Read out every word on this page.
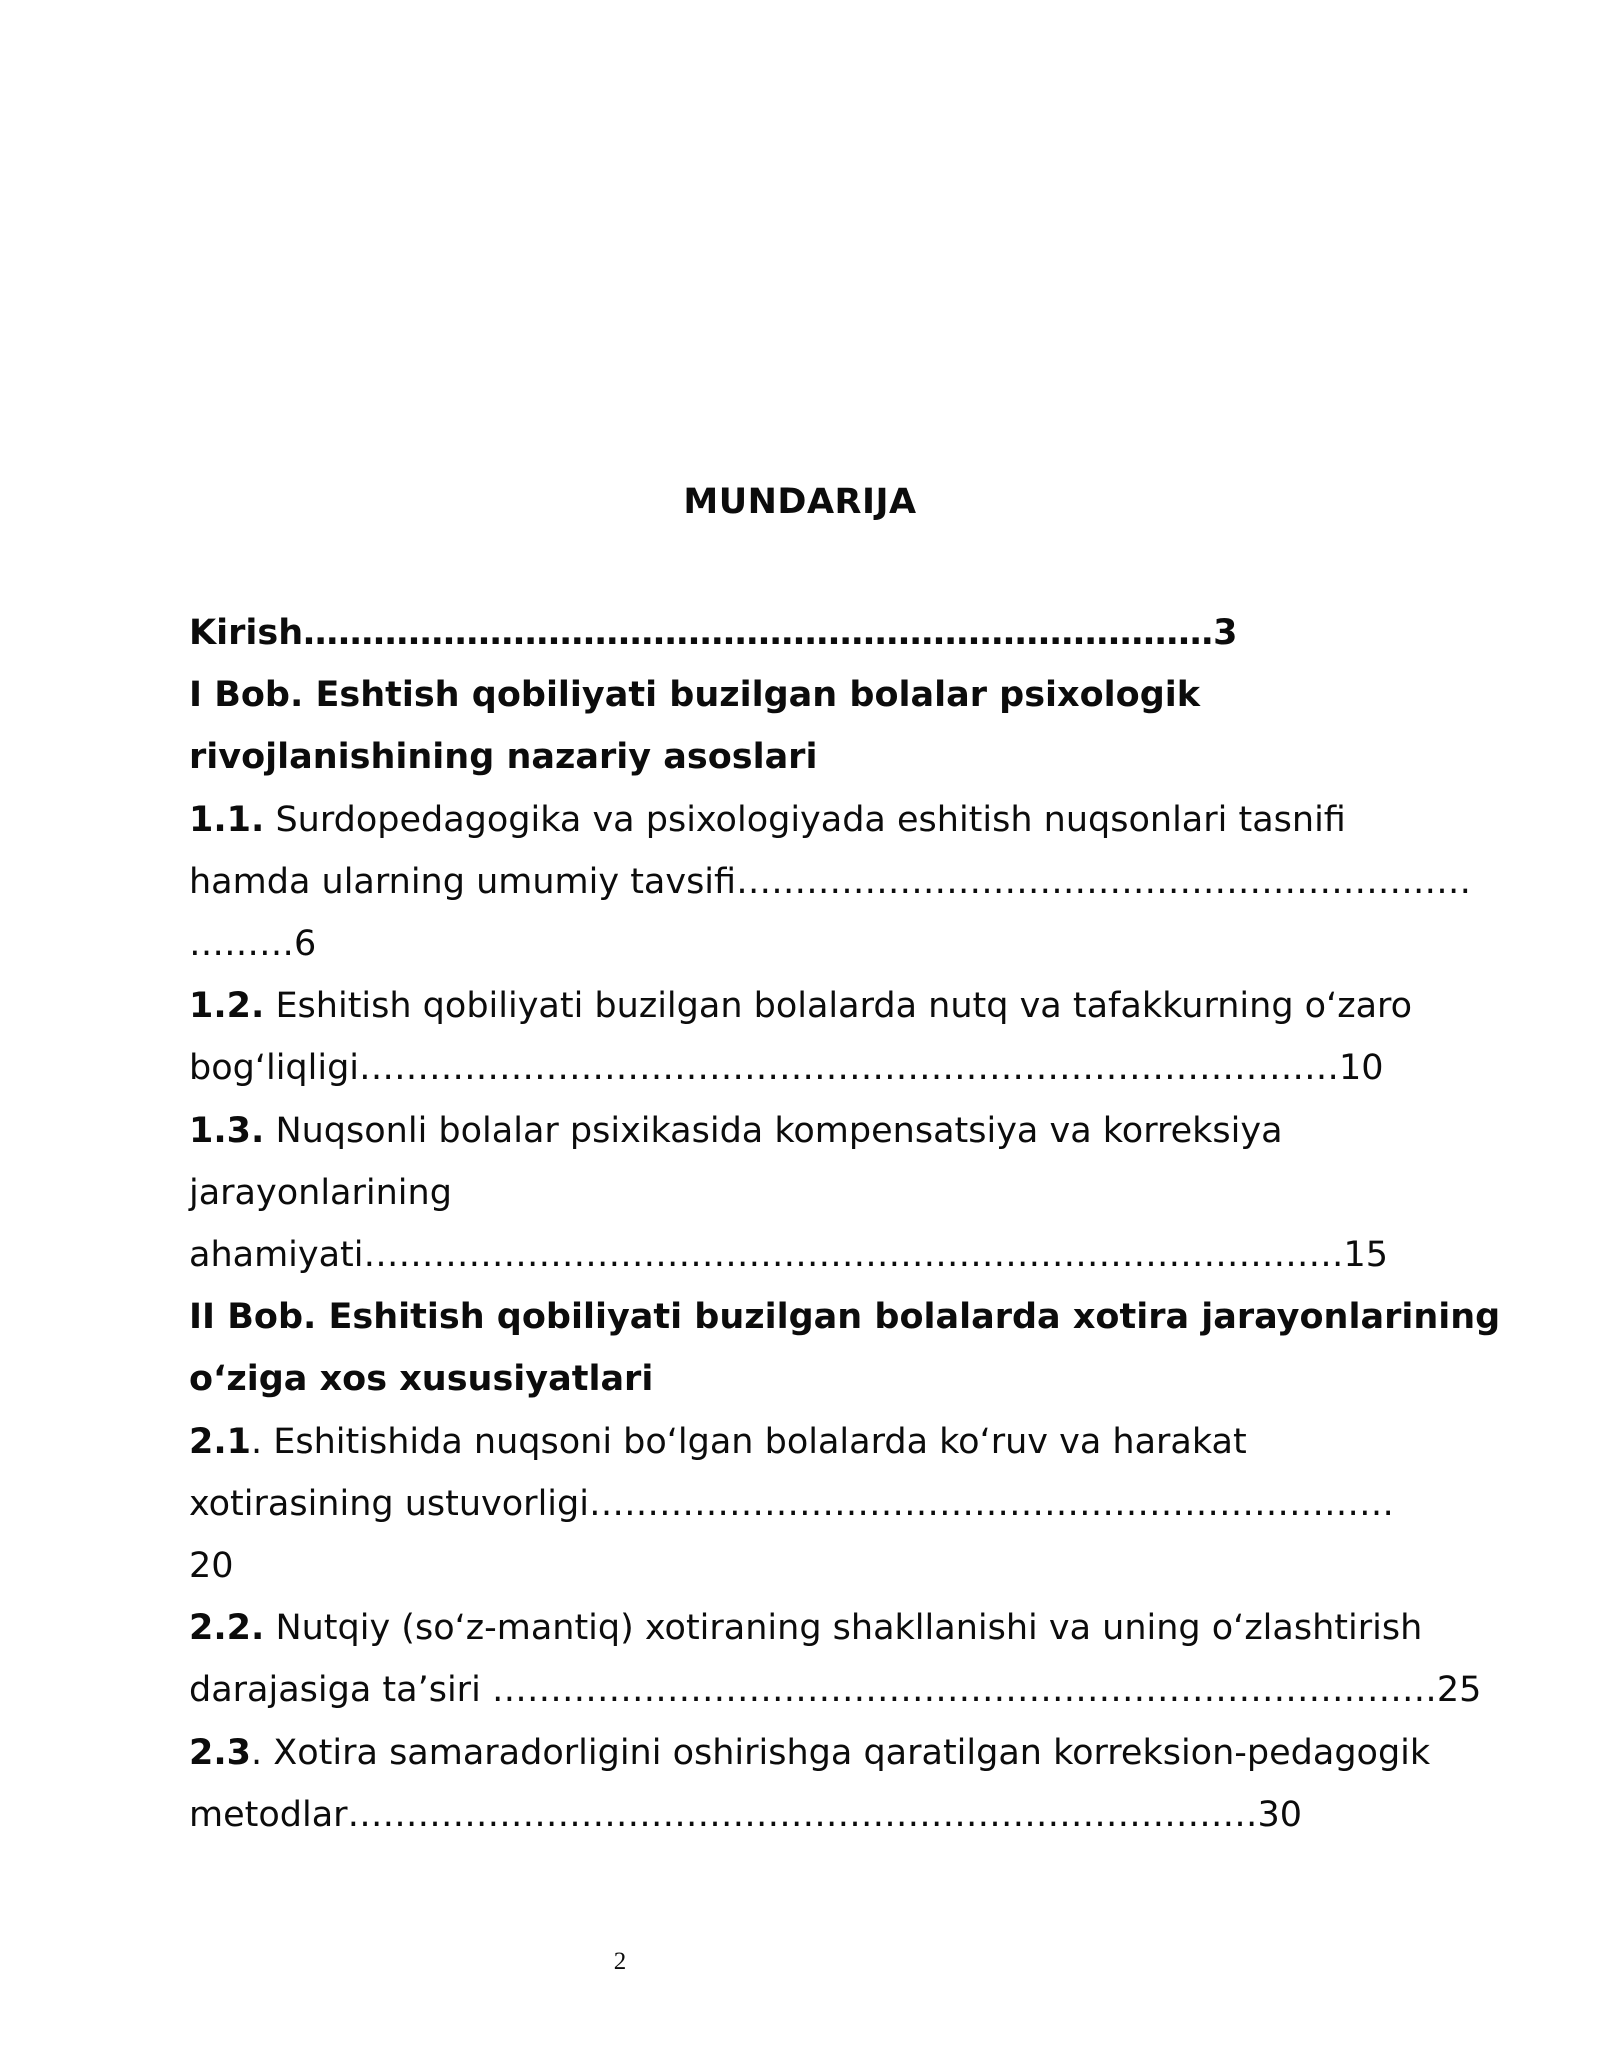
MUNDARIJA
Kirish……………………………………………………………………3
I Bob. Eshtish qobiliyati buzilgan bolalar psixologik
rivojlanishining nazariy asoslari
1.1. Surdopedagogika va psixologiyada eshitish nuqsonlari tasnifi
hamda ularning umumiy tavsifi………………………………………………………
………6
1.2. Eshitish qobiliyati buzilgan bolalarda nutq va tafakkurning oʻzaro
bogʻliqligi…………………………………………………………………………10
1.3. Nuqsonli bolalar psixikasida kompensatsiya va korreksiya
jarayonlarining
ahamiyati…………………………………………………………………………15
II Bob. Eshitish qobiliyati buzilgan bolalarda xotira jarayonlarining
oʻziga xos xususiyatlari
2.1. Eshitishida nuqsoni boʻlgan bolalarda koʻruv va harakat
xotirasining ustuvorligi……………………………………………………………
20
2.2. Nutqiy (soʻz-mantiq) xotiraning shakllanishi va uning oʻzlashtirish
darajasiga taʼsiri ………………………………………………………………………25
2.3. Xotira samaradorligini oshirishga qaratilgan korreksion-pedagogik
metodlar……………………………………………………………………30
2
